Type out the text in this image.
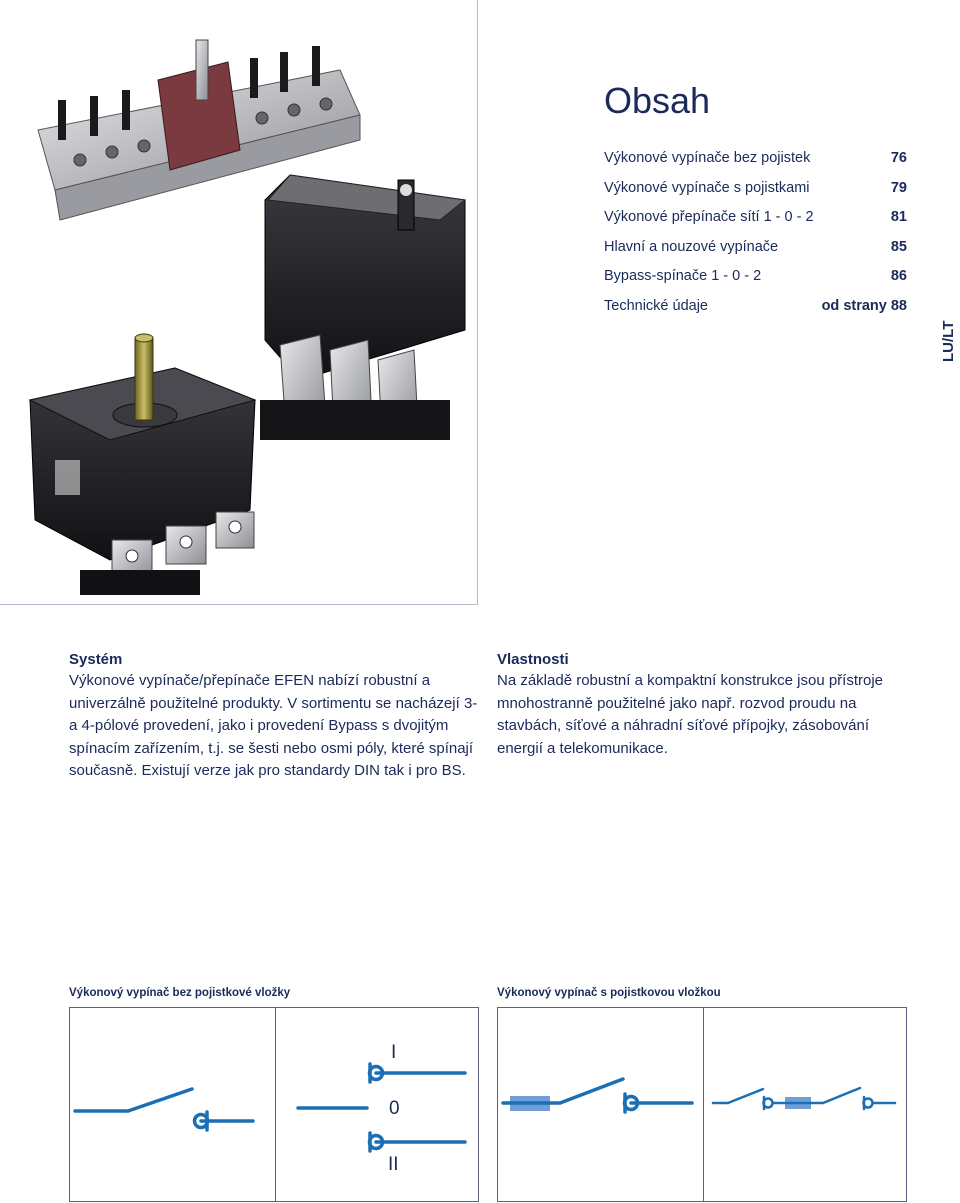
Obsah
Výkonové vypínače bez pojistek	76
Výkonové vypínače s pojistkami	79
Výkonové přepínače sítí 1 - 0 - 2	81
Hlavní a nouzové vypínače	85
Bypass-spínače 1 - 0 - 2	86
Technické údaje	od strany 88
LU/LT
Systém

Výkonové vypínače/přepínače EFEN nabízí robustní a univerzálně použitelné produkty. V sortimentu se nacházejí 3- a 4-pólové provedení, jako i provedení Bypass s dvojitým spínacím zařízením, t.j. se šesti nebo osmi póly, které spínají současně. Existují verze jak pro standardy DIN tak i pro BS.

Vlastnosti

Na základě robustní a kompaktní konstrukce jsou přístroje mnohostranně použitelné jako např. rozvod proudu na stavbách, síťové a náhradní síťové přípojky, zásobování energií a telekomunikace.

Výkonový vypínač bez pojistkové vložky	Výkonový vypínač s pojistkovou vložkou
I
0
II
